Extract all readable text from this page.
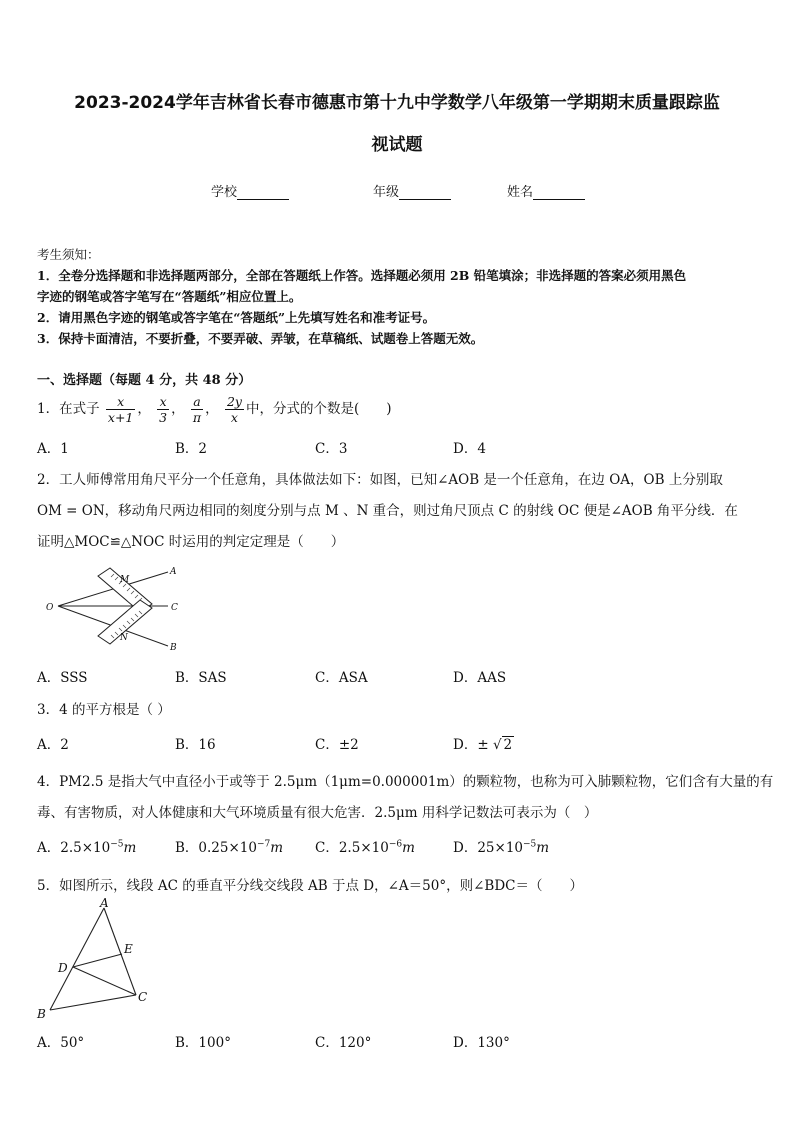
2023-2024学年吉林省长春市德惠市第十九中学数学八年级第一学期期末质量跟踪监
视试题
学校	年级	姓名
考生须知：
1．全卷分选择题和非选择题两部分，全部在答题纸上作答。选择题必须用 2B 铅笔填涂；非选择题的答案必须用黑色
字迹的钢笔或答字笔写在“答题纸”相应位置上。
2．请用黑色字迹的钢笔或答字笔在“答题纸”上先填写姓名和准考证号。
3．保持卡面清洁，不要折叠，不要弄破、弄皱，在草稿纸、试题卷上答题无效。
一、选择题（每题 4 分，共 48 分）
1．在式子 $\frac{x}{x+1}$ ， $\frac{x}{3}$ ， $\frac{a}{\pi}$ ， $\frac{2y}{x}$ 中，分式的个数是(　　)
A．1	B．2	C．3	D．4
2．工人师傅常用角尺平分一个任意角，具体做法如下：如图，已知∠AOB 是一个任意角，在边 OA，OB 上分别取
OM = ON，移动角尺两边相同的刻度分别与点 M 、N 重合，则过角尺顶点 C 的射线 OC 便是∠AOB 角平分线．在
证明△MOC≌△NOC 时运用的判定定理是（　　）
O
A
B
C
M
N
A．SSS	B．SAS	C．ASA	D．AAS
3．4 的平方根是（ ）
A．2	B．16	C．±2	D．± √ 2
4．PM2.5 是指大气中直径小于或等于 2.5μm（1μm=0.000001m）的颗粒物，也称为可入肺颗粒物，它们含有大量的有
毒、有害物质，对人体健康和大气环境质量有很大危害．2.5μm 用科学记数法可表示为（　）
A．$2.5\times 10^{-5}m$	B．$0.25\times 10^{-7}m$ C．$2.5\times 10^{-6}m$	D．$25\times 10^{-5}m$
5．如图所示，线段 AC 的垂直平分线交线段 AB 于点 D，∠A＝50°，则∠BDC＝（　　）
A
B
C
D
E
A．50°	B．100°	C．120°	D．130°
